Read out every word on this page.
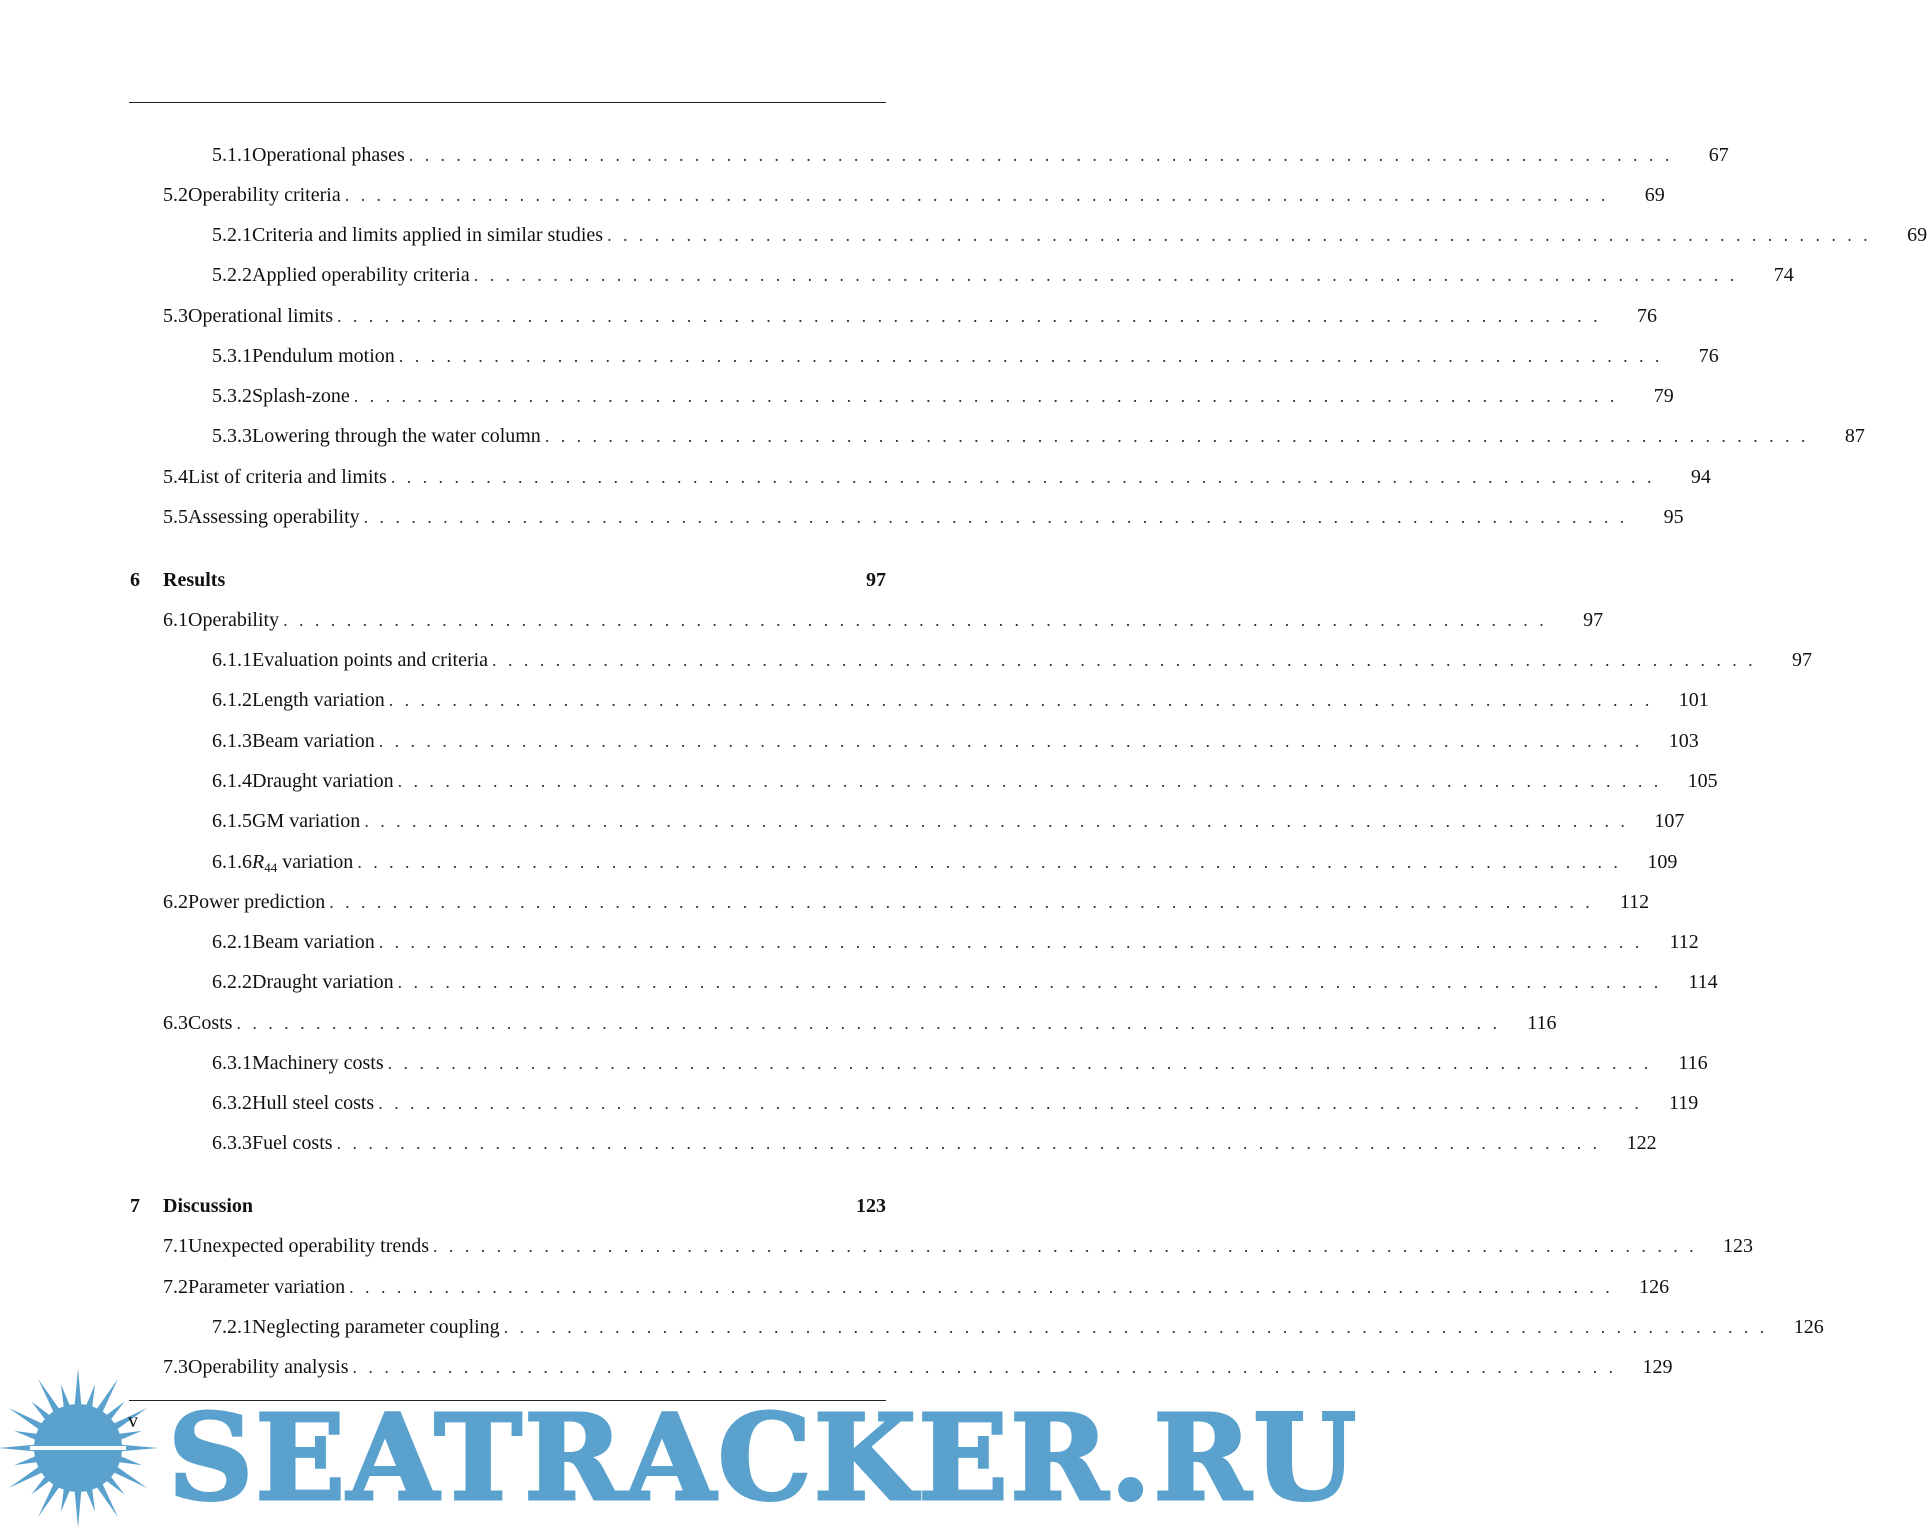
5.1.1 Operational phases ................................................................................	67
5.2 Operability criteria ................................................................................	69
5.2.1 Criteria and limits applied in similar studies ................................................................................	69
5.2.2 Applied operability criteria ................................................................................	74
5.3 Operational limits ................................................................................	76
5.3.1 Pendulum motion ................................................................................	76
5.3.2 Splash-zone ................................................................................	79
5.3.3 Lowering through the water column ................................................................................	87
5.4 List of criteria and limits ................................................................................	94
5.5 Assessing operability ................................................................................	95
6	Results	97
6.1 Operability ................................................................................	97
6.1.1 Evaluation points and criteria ................................................................................	97
6.1.2 Length variation ................................................................................ 101
6.1.3 Beam variation ................................................................................ 103
6.1.4 Draught variation ................................................................................ 105
6.1.5 GM variation ................................................................................ 107
6.1.6 $R_{44}$ variation ................................................................................ 109
6.2 Power prediction ................................................................................ 112
6.2.1 Beam variation ................................................................................ 112
6.2.2 Draught variation ................................................................................ 114
6.3 Costs ................................................................................ 116
6.3.1 Machinery costs ................................................................................ 116
6.3.2 Hull steel costs ................................................................................ 119
6.3.3 Fuel costs ................................................................................ 122
7	Discussion	123
7.1 Unexpected operability trends ................................................................................ 123
7.2 Parameter variation ................................................................................ 126
7.2.1 Neglecting parameter coupling ................................................................................ 126
7.3 Operability analysis ................................................................................ 129
SEATRACKER.RU
v
